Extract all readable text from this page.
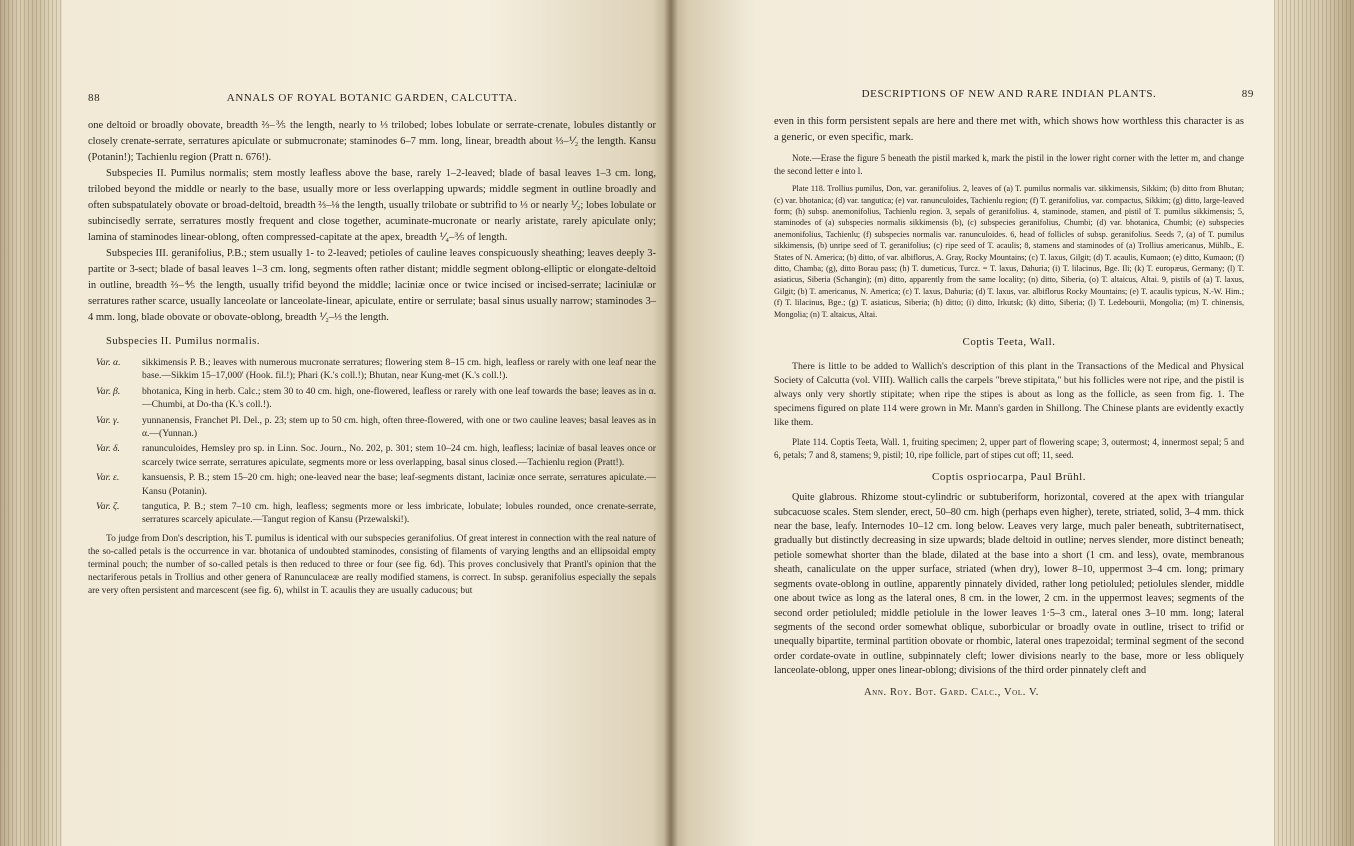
88	ANNALS OF ROYAL BOTANIC GARDEN, CALCUTTA.

one deltoid or broadly obovate, breadth ⅔–⅗ the length, nearly to ⅓ trilobed; lobes lobulate or serrate-crenate, lobules distantly or closely crenate-serrate, serratures apiculate or submucronate; staminodes 6–7 mm. long, linear, breadth about ⅓–⅟₂ the length. Kansu (Potanin!); Tachienlu region (Pratt n. 676!).

Subspecies II. Pumilus normalis; stem mostly leafless above the base, rarely 1–2-leaved; blade of basal leaves 1–3 cm. long, trilobed beyond the middle or nearly to the base, usually more or less overlapping upwards; middle segment in outline broadly and often subspatulately obovate or broad-deltoid, breadth ⅔–⅛ the length, usually trilobate or subtrifid to ⅓ or nearly ⅟₂; lobes lobulate or subincisedly serrate, serratures mostly frequent and close together, acuminate-mucronate or nearly aristate, rarely apiculate only; lamina of staminodes linear-oblong, often compressed-capitate at the apex, breadth ⅟₄–⅗ of length.

Subspecies III. geranifolius, P.B.; stem usually 1- to 2-leaved; petioles of cauline leaves conspicuously sheathing; leaves deeply 3-partite or 3-sect; blade of basal leaves 1–3 cm. long, segments often rather distant; middle segment oblong-elliptic or elongate-deltoid in outline, breadth ⅔–⅘ the length, usually trifid beyond the middle; laciniæ once or twice incised or incised-serrate; laciniulæ or serratures rather scarce, usually lanceolate or lanceolate-linear, apiculate, entire or serrulate; basal sinus usually narrow; staminodes 3–4 mm. long, blade obovate or obovate-oblong, breadth ⅟₂–⅓ the length.

Subspecies II. Pumilus normalis.

Var. α.	sikkimensis P. B.; leaves with numerous mucronate serratures; flowering stem 8–15 cm. high, leafless or rarely with one leaf near the base.—Sikkim 15–17,000' (Hook. fil.!); Phari (K.'s coll.!); Bhutan, near Kung-met (K.'s coll.!).
Var. β.	bhotanica, King in herb. Calc.; stem 30 to 40 cm. high, one-flowered, leafless or rarely with one leaf towards the base; leaves as in α.—Chumbi, at Do-tha (K.'s coll.!).
Var. γ.	yunnanensis, Franchet Pl. Del., p. 23; stem up to 50 cm. high, often three-flowered, with one or two cauline leaves; basal leaves as in α.—(Yunnan.)
Var. δ.	ranunculoides, Hemsley pro sp. in Linn. Soc. Journ., No. 202, p. 301; stem 10–24 cm. high, leafless; laciniæ of basal leaves once or scarcely twice serrate, serratures apiculate, segments more or less overlapping, basal sinus closed.—Tachienlu region (Pratt!).
Var. ε.	kansuensis, P. B.; stem 15–20 cm. high; one-leaved near the base; leaf-segments distant, laciniæ once serrate, serratures apiculate.—Kansu (Potanin).
Var. ζ.	tangutica, P. B.; stem 7–10 cm. high, leafless; segments more or less imbricate, lobulate; lobules rounded, once crenate-serrate, serratures scarcely apiculate.—Tangut region of Kansu (Przewalski!).

To judge from Don's description, his T. pumilus is identical with our subspecies geranifolius. Of great interest in connection with the real nature of the so-called petals is the occurrence in var. bhotanica of undoubted staminodes, consisting of filaments of varying lengths and an ellipsoidal empty terminal pouch; the number of so-called petals is then reduced to three or four (see fig. 6d). This proves conclusively that Prantl's opinion that the nectariferous petals in Trollius and other genera of Ranunculaceæ are really modified stamens, is correct. In subsp. geranifolius especially the sepals are very often persistent and marcescent (see fig. 6), whilst in T. acaulis they are usually caducous; but

DESCRIPTIONS OF NEW AND RARE INDIAN PLANTS.	89

even in this form persistent sepals are here and there met with, which shows how worthless this character is as a generic, or even specific, mark.

Note.—Erase the figure 5 beneath the pistil marked k, mark the pistil in the lower right corner with the letter m, and change the second letter e into l.

Plate 118. Trollius pumilus, Don, var. geranifolius. 2, leaves of (a) T. pumilus normalis var. sikkimensis, Sikkim; (b) ditto from Bhutan; (c) var. bhotanica; (d) var. tangutica; (e) var. ranunculoides, Tachienlu region; (f) T. geranifolius, var. compactus, Sikkim; (g) ditto, large-leaved form; (h) subsp. anemonifolius, Tachienlu region. 3, sepals of geranifolius. 4, staminode, stamen, and pistil of T. pumilus sikkimensis; 5, staminodes of (a) subspecies normalis sikkimensis (b), (c) subspecies geranifolius, Chumbi; (d) var. bhotanica, Chumbi; (e) subspecies anemonifolius, Tachienlu; (f) subspecies normalis var. ranunculoides. 6, head of follicles of subsp. geranifolius. Seeds 7, (a) of T. pumilus sikkimensis, (b) unripe seed of T. geranifolius; (c) ripe seed of T. acaulis; 8, stamens and staminodes of (a) Trollius americanus, Mühlb., E. States of N. America; (b) ditto, of var. albiflorus, A. Gray, Rocky Mountains; (c) T. laxus, Gilgit; (d) T. acaulis, Kumaon; (e) ditto, Kumaon; (f) ditto, Chamba; (g), ditto Borau pass; (h) T. dumeticus, Turcz. = T. laxus, Dahuria; (i) T. lilacinus, Bge. Ili; (k) T. europæus, Germany; (l) T. asiaticus, Siberia (Schangin); (m) ditto, apparently from the same locality; (n) ditto, Siberia, (o) T. altaicus, Altai. 9, pistils of (a) T. laxus, Gilgit; (b) T. americanus, N. America; (c) T. laxus, Dahuria; (d) T. laxus, var. albiflorus Rocky Mountains; (e) T. acaulis typicus, N.-W. Him.; (f) T. lilacinus, Bge.; (g) T. asiaticus, Siberia; (h) ditto; (i) ditto, Irkutsk; (k) ditto, Siberia; (l) T. Ledebourii, Mongolia; (m) T. chinensis, Mongolia; (n) T. altaicus, Altai.

Coptis Teeta, Wall.

There is little to be added to Wallich's description of this plant in the Transactions of the Medical and Physical Society of Calcutta (vol. VIII). Wallich calls the carpels "breve stipitata," but his follicles were not ripe, and the pistil is always only very shortly stipitate; when ripe the stipes is about as long as the follicle, as seen from fig. 1. The specimens figured on plate 114 were grown in Mr. Mann's garden in Shillong. The Chinese plants are evidently exactly like them.

Plate 114. Coptis Teeta, Wall. 1, fruiting specimen; 2, upper part of flowering scape; 3, outermost; 4, innermost sepal; 5 and 6, petals; 7 and 8, stamens; 9, pistil; 10, ripe follicle, part of stipes cut off; 11, seed.

Coptis ospriocarpa, Paul Brühl.

Quite glabrous. Rhizome stout-cylindric or subtuberiform, horizontal, covered at the apex with triangular subcacuose scales. Stem slender, erect, 50–80 cm. high (perhaps even higher), terete, striated, solid, 3–4 mm. thick near the base, leafy. Internodes 10–12 cm. long below. Leaves very large, much paler beneath, subtriternatisect, gradually but distinctly decreasing in size upwards; blade deltoid in outline; nerves slender, more distinct beneath; petiole somewhat shorter than the blade, dilated at the base into a short (1 cm. and less), ovate, membranous sheath, canaliculate on the upper surface, striated (when dry), lower 8–10, uppermost 3–4 cm. long; primary segments ovate-oblong in outline, apparently pinnately divided, rather long petioluled; petiolules slender, middle one about twice as long as the lateral ones, 8 cm. in the lower, 2 cm. in the uppermost leaves; segments of the second order petioluled; middle petiolule in the lower leaves 1·5–3 cm., lateral ones 3–10 mm. long; lateral segments of the second order somewhat oblique, suborbicular or broadly ovate in outline, trisect to trifid or unequally bipartite, terminal partition obovate or rhombic, lateral ones trapezoidal; terminal segment of the second order cordate-ovate in outline, subpinnately cleft; lower divisions nearly to the base, more or less obliquely lanceolate-oblong, upper ones linear-oblong; divisions of the third order pinnately cleft and

Ann. Roy. Bot. Gard. Calc., Vol. V.
